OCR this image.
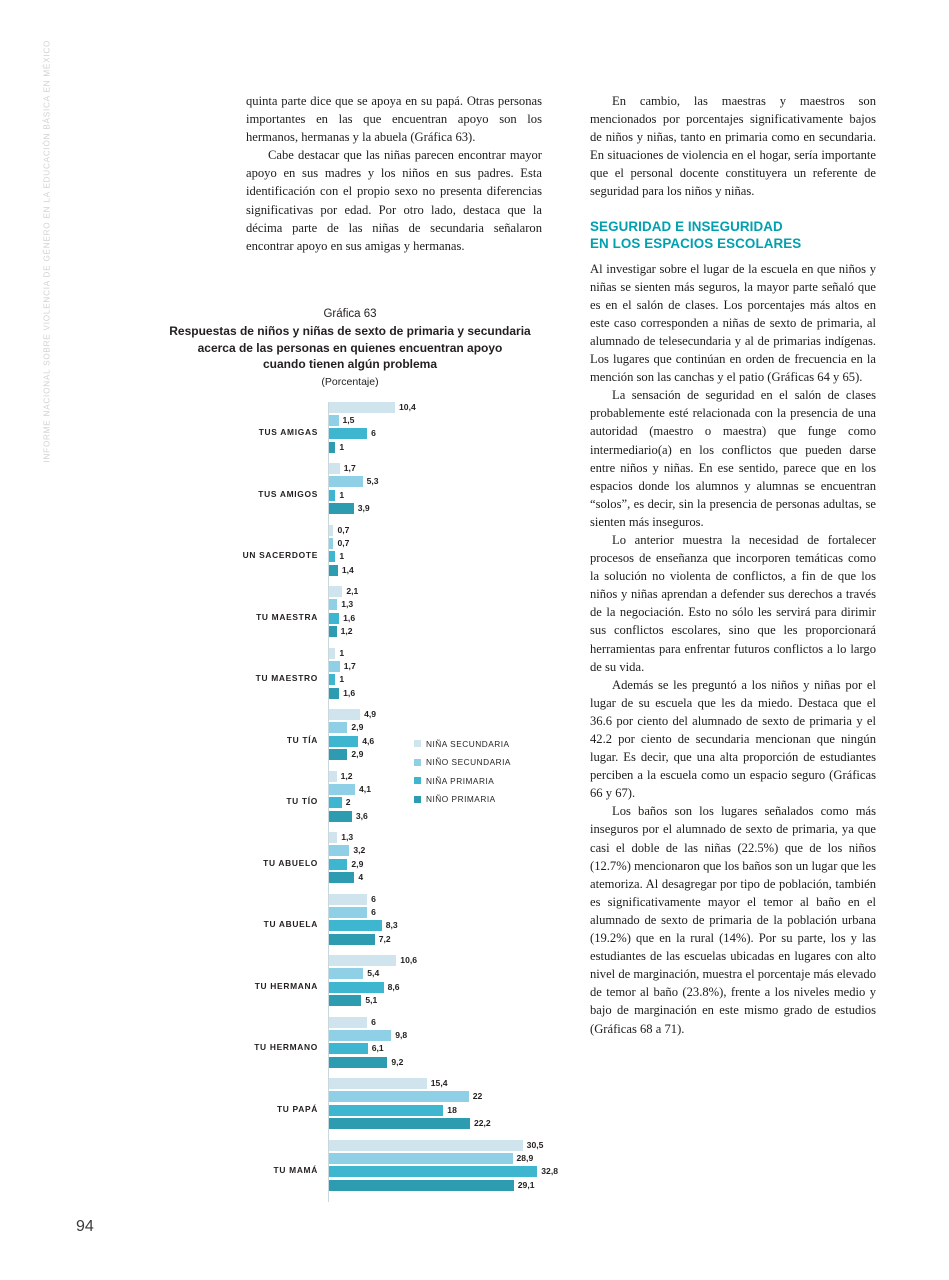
INFORME NACIONAL SOBRE VIOLENCIA DE GÉNERO EN LA EDUCACIÓN BÁSICA EN MÉXICO
94

quinta parte dice que se apoya en su papá. Otras personas importantes en las que encuentran apoyo son los hermanos, hermanas y la abuela (Gráfica 63).

Cabe destacar que las niñas parecen encontrar mayor apoyo en sus madres y los niños en sus padres. Esta identificación con el propio sexo no presenta diferencias significativas por edad. Por otro lado, destaca que la décima parte de las niñas de secundaria señalaron encontrar apoyo en sus amigas y hermanas.

En cambio, las maestras y maestros son mencionados por porcentajes significativamente bajos de niños y niñas, tanto en primaria como en secundaria. En situaciones de violencia en el hogar, sería importante que el personal docente constituyera un referente de seguridad para los niños y niñas.

SEGURIDAD E INSEGURIDAD
EN LOS ESPACIOS ESCOLARES

Al investigar sobre el lugar de la escuela en que niños y niñas se sienten más seguros, la mayor parte señaló que es en el salón de clases. Los porcentajes más altos en este caso corresponden a niñas de sexto de primaria, al alumnado de telesecundaria y al de primarias indígenas. Los lugares que continúan en orden de frecuencia en la mención son las canchas y el patio (Gráficas 64 y 65).

La sensación de seguridad en el salón de clases probablemente esté relacionada con la presencia de una autoridad (maestro o maestra) que funge como intermediario(a) en los conflictos que pueden darse entre niños y niñas. En ese sentido, parece que en los espacios donde los alumnos y alumnas se encuentran “solos”, es decir, sin la presencia de personas adultas, se sienten más inseguros.

Lo anterior muestra la necesidad de fortalecer procesos de enseñanza que incorporen temáticas como la solución no violenta de conflictos, a fin de que los niños y niñas aprendan a defender sus derechos a través de la negociación. Esto no sólo les servirá para dirimir sus conflictos escolares, sino que les proporcionará herramientas para enfrentar futuros conflictos a lo largo de su vida.

Además se les preguntó a los niños y niñas por el lugar de su escuela que les da miedo. Destaca que el 36.6 por ciento del alumnado de sexto de primaria y el 42.2 por ciento de secundaria mencionan que ningún lugar. Es decir, que una alta proporción de estudiantes perciben a la escuela como un espacio seguro (Gráficas 66 y 67).

Los baños son los lugares señalados como más inseguros por el alumnado de sexto de primaria, ya que casi el doble de las niñas (22.5%) que de los niños (12.7%) mencionaron que los baños son un lugar que les atemoriza. Al desagregar por tipo de población, también es significativamente mayor el temor al baño en el alumnado de sexto de primaria de la población urbana (19.2%) que en la rural (14%). Por su parte, los y las estudiantes de las escuelas ubicadas en lugares con alto nivel de marginación, muestra el porcentaje más elevado de temor al baño (23.8%), frente a los niveles medio y bajo de marginación en este mismo grado de estudios (Gráficas 68 a 71).

Gráfica 63
Respuestas de niños y niñas de sexto de primaria y secundaria
acerca de las personas en quienes encuentran apoyo
cuando tienen algún problema
(Porcentaje)
TUS AMIGAS
10,4
1,5
6
1
TUS AMIGOS
1,7
5,3
1
3,9
UN SACERDOTE
0,7
0,7
1
1,4
TU MAESTRA
2,1
1,3
1,6
1,2
TU MAESTRO
1
1,7
1
1,6
TU TÍA
4,9
2,9
4,6
2,9
TU TÍO
1,2
4,1
2
3,6
TU ABUELO
1,3
3,2
2,9
4
TU ABUELA
6
6
8,3
7,2
TU HERMANA
10,6
5,4
8,6
5,1
TU HERMANO
6
9,8
6,1
9,2
TU PAPÁ
15,4
22
18
22,2
TU MAMÁ
30,5
28,9
32,8
29,1
NIÑA SECUNDARIA
NIÑO SECUNDARIA
NIÑA PRIMARIA
NIÑO PRIMARIA
